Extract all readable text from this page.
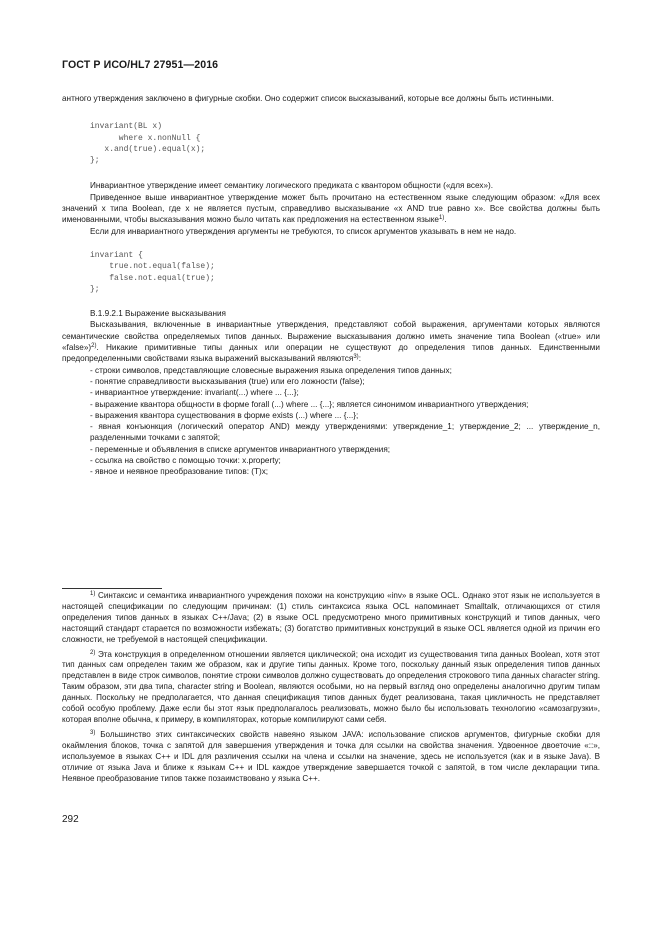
ГОСТ Р ИСО/HL7 27951—2016

антного утверждения заключено в фигурные скобки. Оно содержит список высказываний, которые все должны быть истинными.

invariant(BL x)
where x.nonNull {
x.and(true).equal(x);
};

Инвариантное утверждение имеет семантику логического предиката с квантором общности («для всех»).

Приведенное выше инвариантное утверждение может быть прочитано на естественном языке следующим образом: «Для всех значений х типа Boolean, где х не является пустым, справедливо высказывание «х AND true равно х». Все свойства должны быть именованными, чтобы высказывания можно было читать как предложения на естественном языке$^{1)}$.

Если для инвариантного утверждения аргументы не требуются, то список аргументов указывать в нем не надо.

invariant {
true.not.equal(false);
false.not.equal(true);
};

В.1.9.2.1 Выражение высказывания

Высказывания, включенные в инвариантные утверждения, представляют собой выражения, аргументами которых являются семантические свойства определяемых типов данных. Выражение высказывания должно иметь значение типа Boolean («true» или «false»)$^{2)}$. Никакие примитивные типы данных или операции не существуют до определения типов данных. Единственными предопределенными свойствами языка выражений высказываний являются$^{3)}$:

- строки символов, представляющие словесные выражения языка определения типов данных;
- понятие справедливости высказывания (true) или его ложности (false);
- инвариантное утверждение: invariant(...) where ... {...};
- выражение квантора общности в форме forall (...) where ... {...}; является синонимом инвариантного утверждения;
- выражения квантора существования в форме exists (...) where ... {...};
- явная конъюнкция (логический оператор AND) между утверждениями: утверждение_1; утверждение_2; ... утверждение_n, разделенными точками с запятой;
- переменные и объявления в списке аргументов инвариантного утверждения;
- ссылка на свойство с помощью точки: x.property;
- явное и неявное преобразование типов: (T)x;

$^{1)}$ Синтаксис и семантика инвариантного учреждения похожи на конструкцию «inv» в языке OCL. Однако этот язык не используется в настоящей спецификации по следующим причинам: (1) стиль синтаксиса языка OCL напоминает Smalltalk, отличающихся от стиля определения типов данных в языках С++/Java; (2) в языке OCL предусмотрено много примитивных конструкций и типов данных, чего настоящий стандарт старается по возможности избежать; (3) богатство примитивных конструкций в языке OCL является одной из причин его сложности, не требуемой в настоящей спецификации.

$^{2)}$ Эта конструкция в определенном отношении является циклической; она исходит из существования типа данных Boolean, хотя этот тип данных сам определен таким же образом, как и другие типы данных. Кроме того, поскольку данный язык определения типов данных представлен в виде строк символов, понятие строки символов должно существовать до определения строкового типа данных character string. Таким образом, эти два типа, character string и Boolean, являются особыми, но на первый взгляд оно определены аналогично другим типам данных. Поскольку не предполагается, что данная спецификация типов данных будет реализована, такая цикличность не представляет собой особую проблему. Даже если бы этот язык предполагалось реализовать, можно было бы использовать технологию «самозагрузки», которая вполне обычна, к примеру, в компиляторах, которые компилируют сами себя.

$^{3)}$ Большинство этих синтаксических свойств навеяно языком JAVA: использование списков аргументов, фигурные скобки для окаймления блоков, точка с запятой для завершения утверждения и точка для ссылки на свойства значения. Удвоенное двоеточие «::», используемое в языках С++ и IDL для различения ссылки на члена и ссылки на значение, здесь не используется (как и в языке Java). В отличие от языка Java и ближе к языкам С++ и IDL каждое утверждение завершается точкой с запятой, в том числе декларации типа. Неявное преобразование типов также позаимствовано у языка С++.

292
